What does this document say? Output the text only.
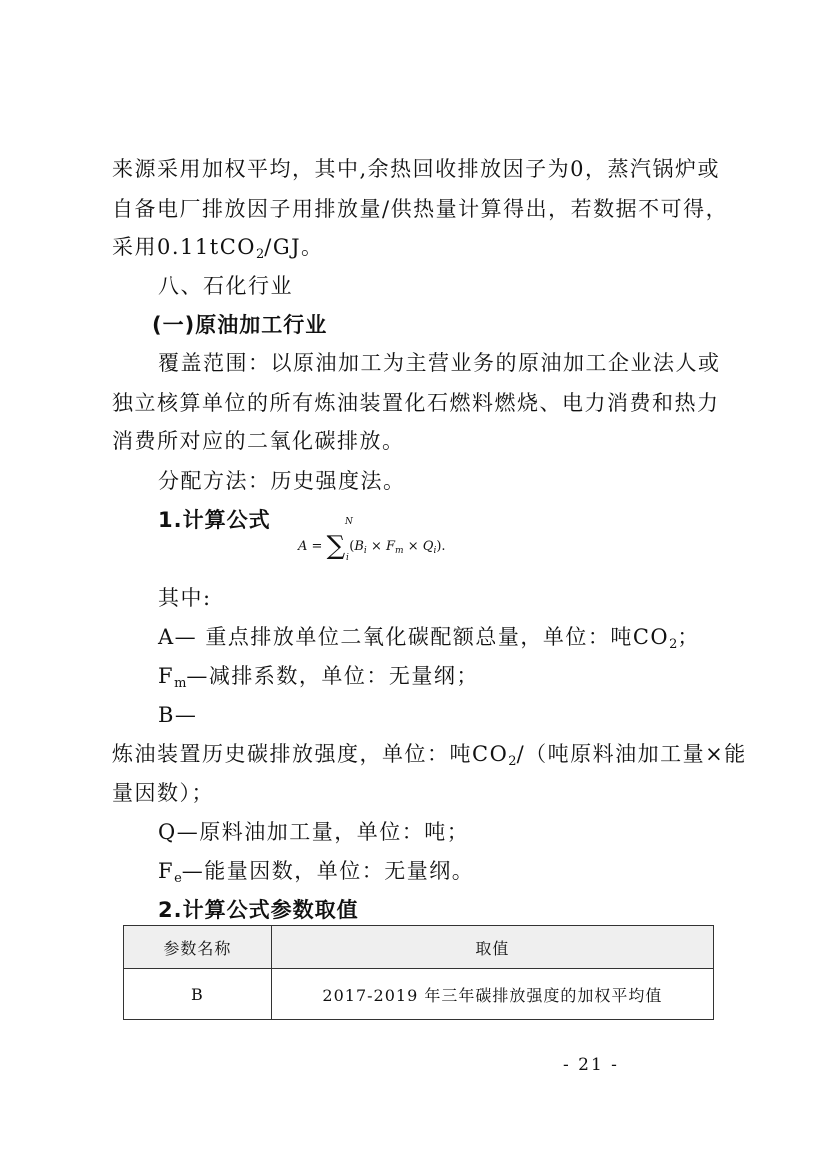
来源采用加权平均，其中,余热回收排放因子为0，蒸汽锅炉或
自备电厂排放因子用排放量/供热量计算得出，若数据不可得，
采用0.11tCO$_2$/GJ。
八、石化行业
(一)原油加工行业
覆盖范围：以原油加工为主营业务的原油加工企业法人或
独立核算单位的所有炼油装置化石燃料燃烧、电力消费和热力
消费所对应的二氧化碳排放。
分配方法：历史强度法。
1.计算公式
A = ∑
N
i
$(B_i \times F_m \times Q_i)$.
其中:
A— 重点排放单位二氧化碳配额总量，单位：吨$CO_2$；
$F_m—$减排系数，单位：无量纲；
B—
炼油装置历史碳排放强度，单位：吨$CO_2/$（吨原料油加工量×能
量因数）；
Q—原料油加工量，单位：吨；
$F_e—$能量因数，单位：无量纲。
2.计算公式参数取值
参数名称	取值
B	2017-2019 年三年碳排放强度的加权平均值
- 21 -
